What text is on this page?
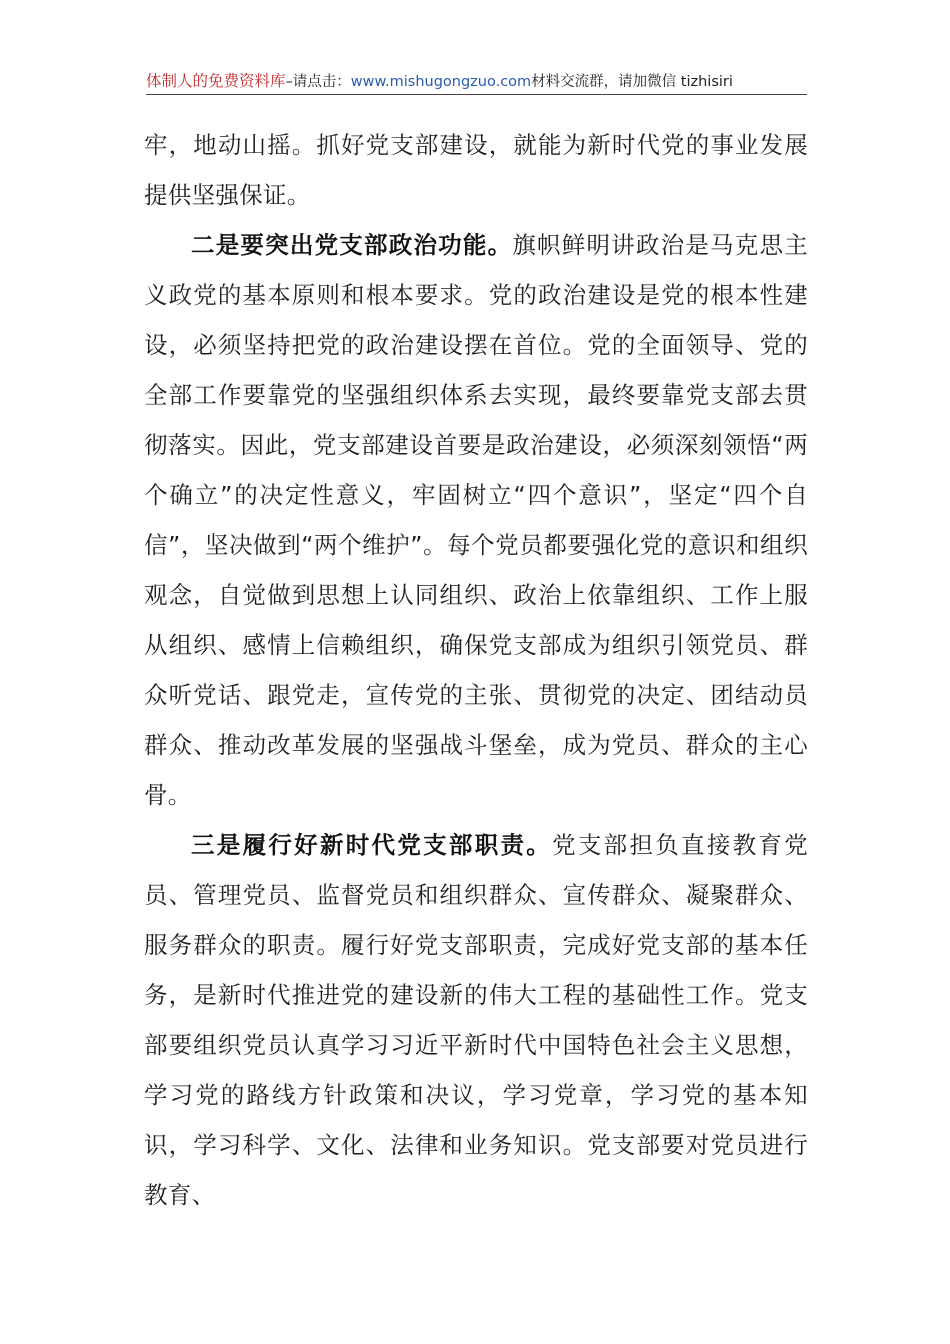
体制人的免费资料库–请点击：www.mishugongzuo.com材料交流群，请加微信 tizhisiri

牢，地动山摇。抓好党支部建设，就能为新时代党的事业发展提供坚强保证。

二是要突出党支部政治功能。旗帜鲜明讲政治是马克思主义政党的基本原则和根本要求。党的政治建设是党的根本性建设，必须坚持把党的政治建设摆在首位。党的全面领导、党的全部工作要靠党的坚强组织体系去实现，最终要靠党支部去贯彻落实。因此，党支部建设首要是政治建设，必须深刻领悟“两个确立”的决定性意义，牢固树立“四个意识”，坚定“四个自信”，坚决做到“两个维护”。每个党员都要强化党的意识和组织观念，自觉做到思想上认同组织、政治上依靠组织、工作上服从组织、感情上信赖组织，确保党支部成为组织引领党员、群众听党话、跟党走，宣传党的主张、贯彻党的决定、团结动员群众、推动改革发展的坚强战斗堡垒，成为党员、群众的主心骨。

三是履行好新时代党支部职责。党支部担负直接教育党员、管理党员、监督党员和组织群众、宣传群众、凝聚群众、服务群众的职责。履行好党支部职责，完成好党支部的基本任务，是新时代推进党的建设新的伟大工程的基础性工作。党支部要组织党员认真学习习近平新时代中国特色社会主义思想，学习党的路线方针政策和决议，学习党章，学习党的基本知识，学习科学、文化、法律和业务知识。党支部要对党员进行教育、
